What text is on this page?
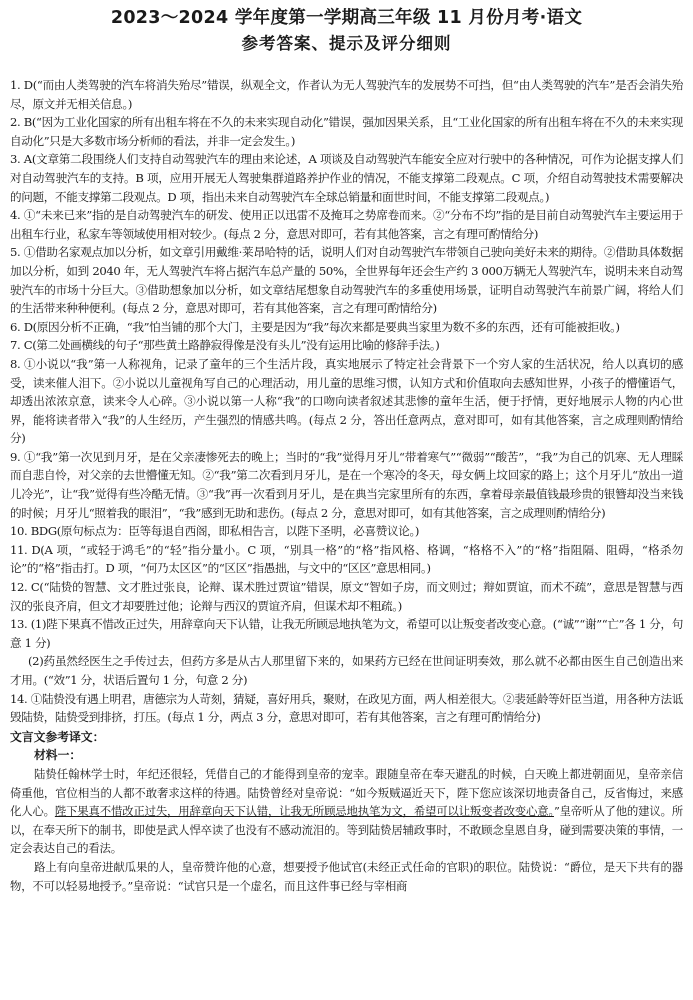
2023～2024 学年度第一学期高三年级 11 月份月考·语文
参考答案、提示及评分细则

1. D(“而由人类驾驶的汽车将消失殆尽”错误，纵观全文，作者认为无人驾驶汽车的发展势不可挡，但“由人类驾驶的汽车”是否会消失殆尽，原文并无相关信息。)

2. B(“因为工业化国家的所有出租车将在不久的未来实现自动化”错误，强加因果关系，且“工业化国家的所有出租车将在不久的未来实现自动化”只是大多数市场分析师的看法，并非一定会发生。)

3. A(文章第二段围绕人们支持自动驾驶汽车的理由来论述，A 项谈及自动驾驶汽车能安全应对行驶中的各种情况，可作为论据支撑人们对自动驾驶汽车的支持。B 项，应用开展无人驾驶集群道路养护作业的情况，不能支撑第二段观点。C 项，介绍自动驾驶技术需要解决的问题，不能支撑第二段观点。D 项，指出未来自动驾驶汽车全球总销量和面世时间，不能支撑第二段观点。)

4. ①“未来已来”指的是自动驾驶汽车的研发、使用正以迅雷不及掩耳之势席卷而来。②“分布不均”指的是目前自动驾驶汽车主要运用于出租车行业，私家车等领域使用相对较少。(每点 2 分，意思对即可，若有其他答案，言之有理可酌情给分)

5. ①借助名家观点加以分析，如文章引用戴维·莱昂哈特的话，说明人们对自动驾驶汽车带领自己驶向美好未来的期待。②借助具体数据加以分析，如到 2040 年，无人驾驶汽车将占据汽车总产量的 50%，全世界每年还会生产约 3 000万辆无人驾驶汽车，说明未来自动驾驶汽车的市场十分巨大。③借助想象加以分析，如文章结尾想象自动驾驶汽车的多重使用场景，证明自动驾驶汽车前景广阔，将给人们的生活带来种种便利。(每点 2 分，意思对即可，若有其他答案，言之有理可酌情给分)

6. D(原因分析不正确，“我”怕当铺的那个大门，主要是因为“我”每次来都是要典当家里为数不多的东西，还有可能被拒收。)

7. C(第二处画横线的句子“那些黄土路静寂得像是没有头儿”没有运用比喻的修辞手法。)

8. ①小说以“我”第一人称视角，记录了童年的三个生活片段，真实地展示了特定社会背景下一个穷人家的生活状况，给人以真切的感受，读来催人泪下。②小说以儿童视角写自己的心理活动，用儿童的思维习惯，认知方式和价值取向去感知世界，小孩子的懵懂语气，却透出浓浓京意，读来令人心碎。③小说以第一人称“我”的口吻向读者叙述其悲惨的童年生活，便于抒情，更好地展示人物的内心世界，能将读者带入“我”的人生经历，产生强烈的情感共鸣。(每点 2 分，答出任意两点，意对即可，如有其他答案，言之成理则酌情给分)

9. ①“我”第一次见到月牙，是在父亲凄惨死去的晚上；当时的“我”觉得月牙儿“带着寒气”“微弱”“酸苦”，“我”为自己的饥寒、无人理睬而自悲自怜，对父亲的去世懵懂无知。②“我”第二次看到月牙儿，是在一个寒冷的冬天，母女俩上坟回家的路上；这个月牙儿“放出一道儿冷光”，让“我”觉得有些冷酷无情。③“我”再一次看到月牙儿，是在典当完家里所有的东西，拿着母亲最值钱最珍贵的银簪却没当来钱的时候；月牙儿“照着我的眼泪”，“我”感到无助和悲伤。(每点 2 分，意思对即可，如有其他答案，言之成理则酌情给分)

10. BDG(原句标点为：臣等每退自西阁，即私相告言，以陛下圣明，必喜赞议论。)

11. D(A 项，“或轻于鸿毛”的“轻”指分量小。C 项，“别具一格”的“格”指风格、格调，“格格不入”的“格”指阻隔、阻碍，“格杀勿论”的“格”指击打。D 项，“何乃太区区”的“区区”指愚拙，与文中的“区区”意思相同。)

12. C(“陆贽的智慧、文才胜过张良，论辩、谋术胜过贾谊”错误，原文“智如子房，而文则过；辩如贾谊，而术不疏”，意思是智慧与西汉的张良齐肩，但文才却要胜过他；论辩与西汉的贾谊齐肩，但谋术却不粗疏。)

13. (1)陛下果真不惜改正过失，用辞章向天下认错，让我无所顾忌地执笔为文，希望可以让叛变者改变心意。(“诚”“谢”“亡”各 1 分，句意 1 分)

(2)药虽然经医生之手传过去，但药方多是从古人那里留下来的，如果药方已经在世间证明奏效，那么就不必都由医生自己创造出来才用。(“效”1 分，状语后置句 1 分，句意 2 分)

14. ①陆贽没有遇上明君，唐德宗为人苛刻，猜疑，喜好用兵，聚财，在政见方面，两人相差很大。②裴延龄等奸臣当道，用各种方法诋毁陆贽，陆贽受到排挤，打压。(每点 1 分，两点 3 分，意思对即可，若有其他答案，言之有理可酌情给分)

文言文参考译文：
材料一：

陆贽任翰林学士时，年纪还很轻，凭借自己的才能得到皇帝的宠幸。跟随皇帝在奉天避乱的时候，白天晚上都进朝面见，皇帝亲信倚重他，官位相当的人都不敢奢求这样的待遇。陆贽曾经对皇帝说：“如今叛贼逼近天下，陛下您应该深切地责备自己，反省悔过，来感化人心。陛下果真不惜改正过失，用辞章向天下认错，让我无所顾忌地执笔为文，希望可以让叛变者改变心意。”皇帝听从了他的建议。所以，在奉天所下的制书，即使是武人悍卒读了也没有不感动流泪的。等到陆贽居辅政事时，不敢顾念皇恩自身，碰到需要决策的事情，一定会表达自己的看法。

路上有向皇帝进献瓜果的人，皇帝赞许他的心意，想要授予他试官(未经正式任命的官职)的职位。陆贽说：“爵位，是天下共有的器物，不可以轻易地授予。”皇帝说：“试官只是一个虚名，而且这件事已经与宰相商
